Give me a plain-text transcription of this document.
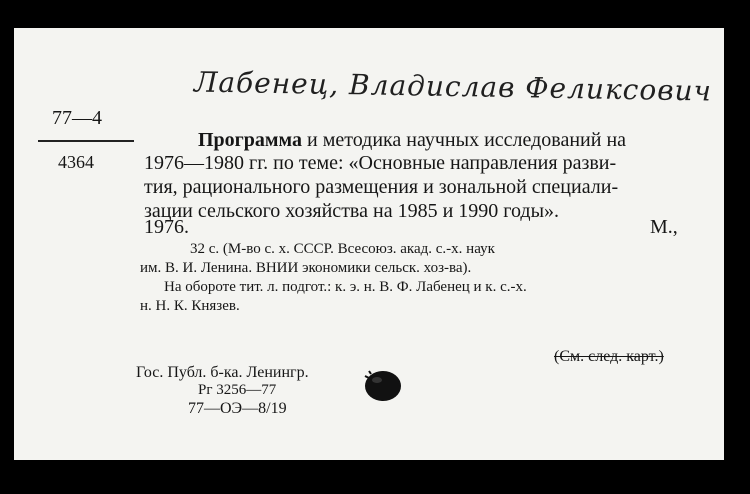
Лабенец, Владислав Феликсович
77—4
4364
Программа и методика научных исследований на
1976—1980 гг. по теме: «Основные направления разви-
тия, рационального размещения и зональной специали-
зации сельского хозяйства на 1985 и 1990 годы».
М.,
1976.
32 с. (М-во с. х. СССР. Всесоюз. акад. с.-х. наук
им. В. И. Ленина. ВНИИ экономики сельск. хоз-ва).
На обороте тит. л. подгот.: к. э. н. В. Ф. Лабенец и к. с.-х.
н. Н. К. Князев.
(См. след. карт.)
Гос. Публ. б-ка. Ленингр.
Рг 3256—77
77—ОЭ—8/19
